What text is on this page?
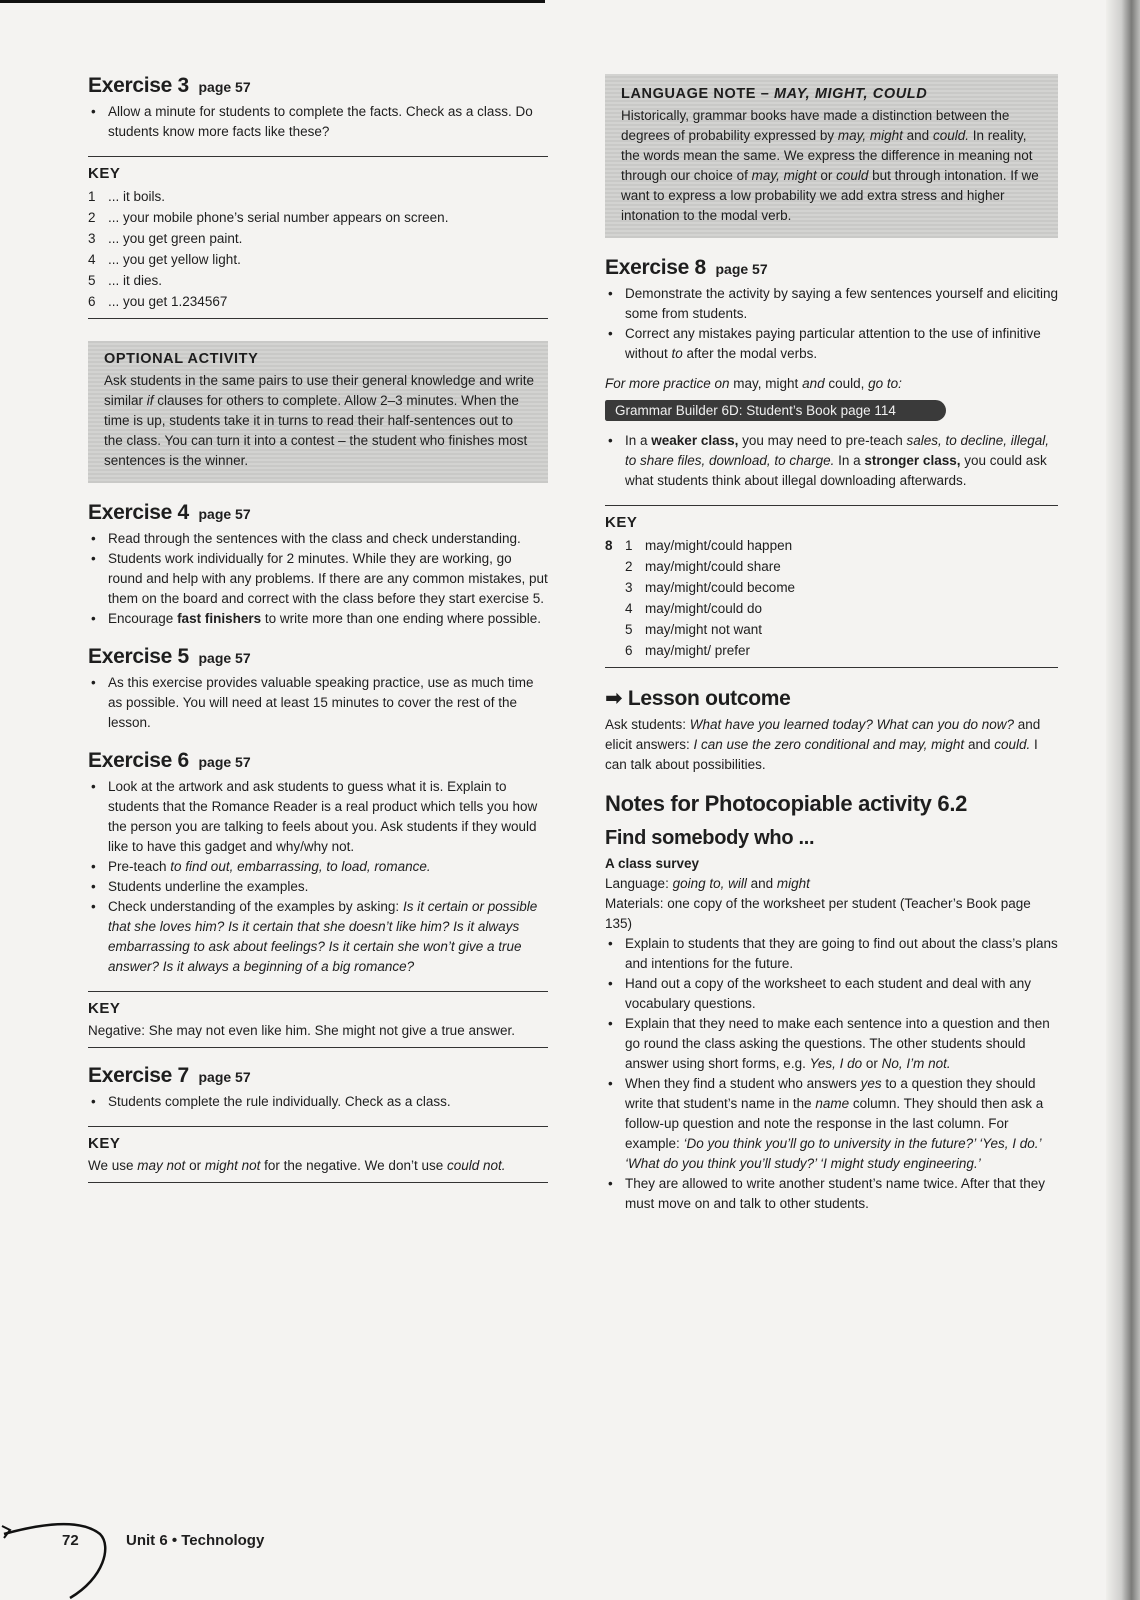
Exercise 3 page 57
• Allow a minute for students to complete the facts. Check as a class. Do students know more facts like these?
KEY
1 ... it boils.
2 ... your mobile phone’s serial number appears on screen.
3 ... you get green paint.
4 ... you get yellow light.
5 ... it dies.
6 ... you get 1.234567
OPTIONAL ACTIVITY

Ask students in the same pairs to use their general knowledge and write similar if clauses for others to complete. Allow 2–3 minutes. When the time is up, students take it in turns to read their half-sentences out to the class. You can turn it into a contest – the student who finishes most sentences is the winner.

Exercise 4 page 57
• Read through the sentences with the class and check understanding.
• Students work individually for 2 minutes. While they are working, go round and help with any problems. If there are any common mistakes, put them on the board and correct with the class before they start exercise 5.
• Encourage fast finishers to write more than one ending where possible.
Exercise 5 page 57
• As this exercise provides valuable speaking practice, use as much time as possible. You will need at least 15 minutes to cover the rest of the lesson.
Exercise 6 page 57
• Look at the artwork and ask students to guess what it is. Explain to students that the Romance Reader is a real product which tells you how the person you are talking to feels about you. Ask students if they would like to have this gadget and why/why not.
• Pre-teach to find out, embarrassing, to load, romance.
• Students underline the examples.
• Check understanding of the examples by asking: Is it certain or possible that she loves him? Is it certain that she doesn’t like him? Is it always embarrassing to ask about feelings? Is it certain she won’t give a true answer? Is it always a beginning of a big romance?
KEY
Negative: She may not even like him. She might not give a true answer.
Exercise 7 page 57
• Students complete the rule individually. Check as a class.
KEY
We use may not or might not for the negative. We don’t use could not.
LANGUAGE NOTE – MAY, MIGHT, COULD

Historically, grammar books have made a distinction between the degrees of probability expressed by may, might and could. In reality, the words mean the same. We express the difference in meaning not through our choice of may, might or could but through intonation. If we want to express a low probability we add extra stress and higher intonation to the modal verb.

Exercise 8 page 57
• Demonstrate the activity by saying a few sentences yourself and eliciting some from students.
• Correct any mistakes paying particular attention to the use of infinitive without to after the modal verbs.
For more practice on may, might and could, go to:
Grammar Builder 6D: Student’s Book page 114
• In a weaker class, you may need to pre-teach sales, to decline, illegal, to share files, download, to charge. In a stronger class, you could ask what students think about illegal downloading afterwards.
KEY
8 1 may/might/could happen
2 may/might/could share
3 may/might/could become
4 may/might/could do
5 may/might not want
6 may/might/ prefer
➡ Lesson outcome

Ask students: What have you learned today? What can you do now? and elicit answers: I can use the zero conditional and may, might and could. I can talk about possibilities.

Notes for Photocopiable activity 6.2
Find somebody who ...
A class survey

Language: going to, will and might

Materials: one copy of the worksheet per student (Teacher’s Book page 135)

• Explain to students that they are going to find out about the class’s plans and intentions for the future.
• Hand out a copy of the worksheet to each student and deal with any vocabulary questions.
• Explain that they need to make each sentence into a question and then go round the class asking the questions. The other students should answer using short forms, e.g. Yes, I do or No, I’m not.
• When they find a student who answers yes to a question they should write that student’s name in the name column. They should then ask a follow-up question and note the response in the last column. For example: ‘Do you think you’ll go to university in the future?’ ‘Yes, I do.’ ‘What do you think you’ll study?’ ‘I might study engineering.’
• They are allowed to write another student’s name twice. After that they must move on and talk to other students.
72	Unit 6 • Technology
